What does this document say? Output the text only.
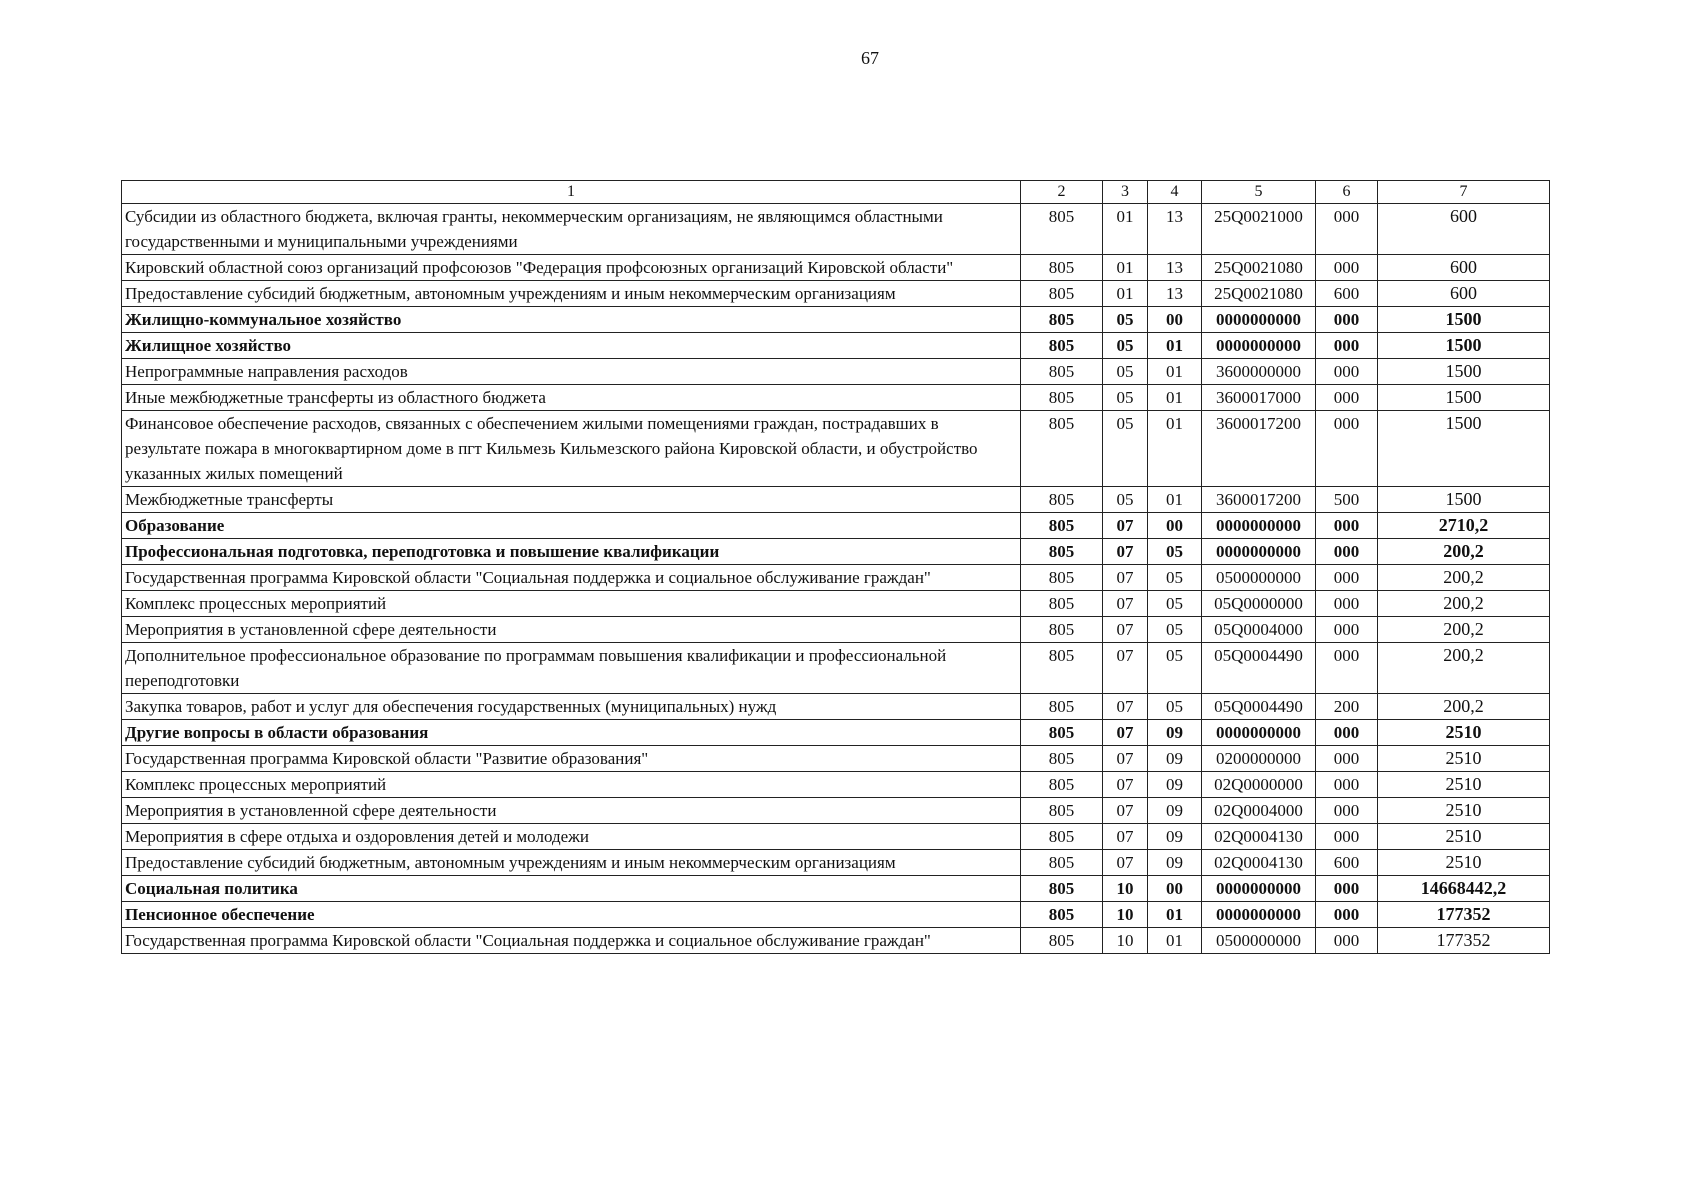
67
1	2	3	4	5	6	7
Субсидии из областного бюджета, включая гранты, некоммерческим организациям, не являющимся областными государственными и муниципальными учреждениями	805	01	13	25Q0021000	000	600
Кировский областной союз организаций профсоюзов "Федерация профсоюзных организаций Кировской области"	805	01	13	25Q0021080	000	600
Предоставление субсидий бюджетным, автономным учреждениям и иным некоммерческим организациям	805	01	13	25Q0021080	600	600
Жилищно-коммунальное хозяйство	805	05	00	0000000000	000	1500
Жилищное хозяйство	805	05	01	0000000000	000	1500
Непрограммные направления расходов	805	05	01	3600000000	000	1500
Иные межбюджетные трансферты из областного бюджета	805	05	01	3600017000	000	1500
Финансовое обеспечение расходов, связанных с обеспечением жилыми помещениями граждан, пострадавших в результате пожара в многоквартирном доме в пгт Кильмезь Кильмезского района Кировской области, и обустройство указанных жилых помещений	805	05	01	3600017200	000	1500
Межбюджетные трансферты	805	05	01	3600017200	500	1500
Образование	805	07	00	0000000000	000	2710,2
Профессиональная подготовка, переподготовка и повышение квалификации	805	07	05	0000000000	000	200,2
Государственная программа Кировской области "Социальная поддержка и социальное обслуживание граждан"	805	07	05	0500000000	000	200,2
Комплекс процессных мероприятий	805	07	05	05Q0000000	000	200,2
Мероприятия в установленной сфере деятельности	805	07	05	05Q0004000	000	200,2
Дополнительное профессиональное образование по программам повышения квалификации и профессиональной переподготовки	805	07	05	05Q0004490	000	200,2
Закупка товаров, работ и услуг для обеспечения государственных (муниципальных) нужд	805	07	05	05Q0004490	200	200,2
Другие вопросы в области образования	805	07	09	0000000000	000	2510
Государственная программа Кировской области "Развитие образования"	805	07	09	0200000000	000	2510
Комплекс процессных мероприятий	805	07	09	02Q0000000	000	2510
Мероприятия в установленной сфере деятельности	805	07	09	02Q0004000	000	2510
Мероприятия в сфере отдыха и оздоровления детей и молодежи	805	07	09	02Q0004130	000	2510
Предоставление субсидий бюджетным, автономным учреждениям и иным некоммерческим организациям	805	07	09	02Q0004130	600	2510
Социальная политика	805	10	00	0000000000	000	14668442,2
Пенсионное обеспечение	805	10	01	0000000000	000	177352
Государственная программа Кировской области "Социальная поддержка и социальное обслуживание граждан"	805	10	01	0500000000	000	177352
